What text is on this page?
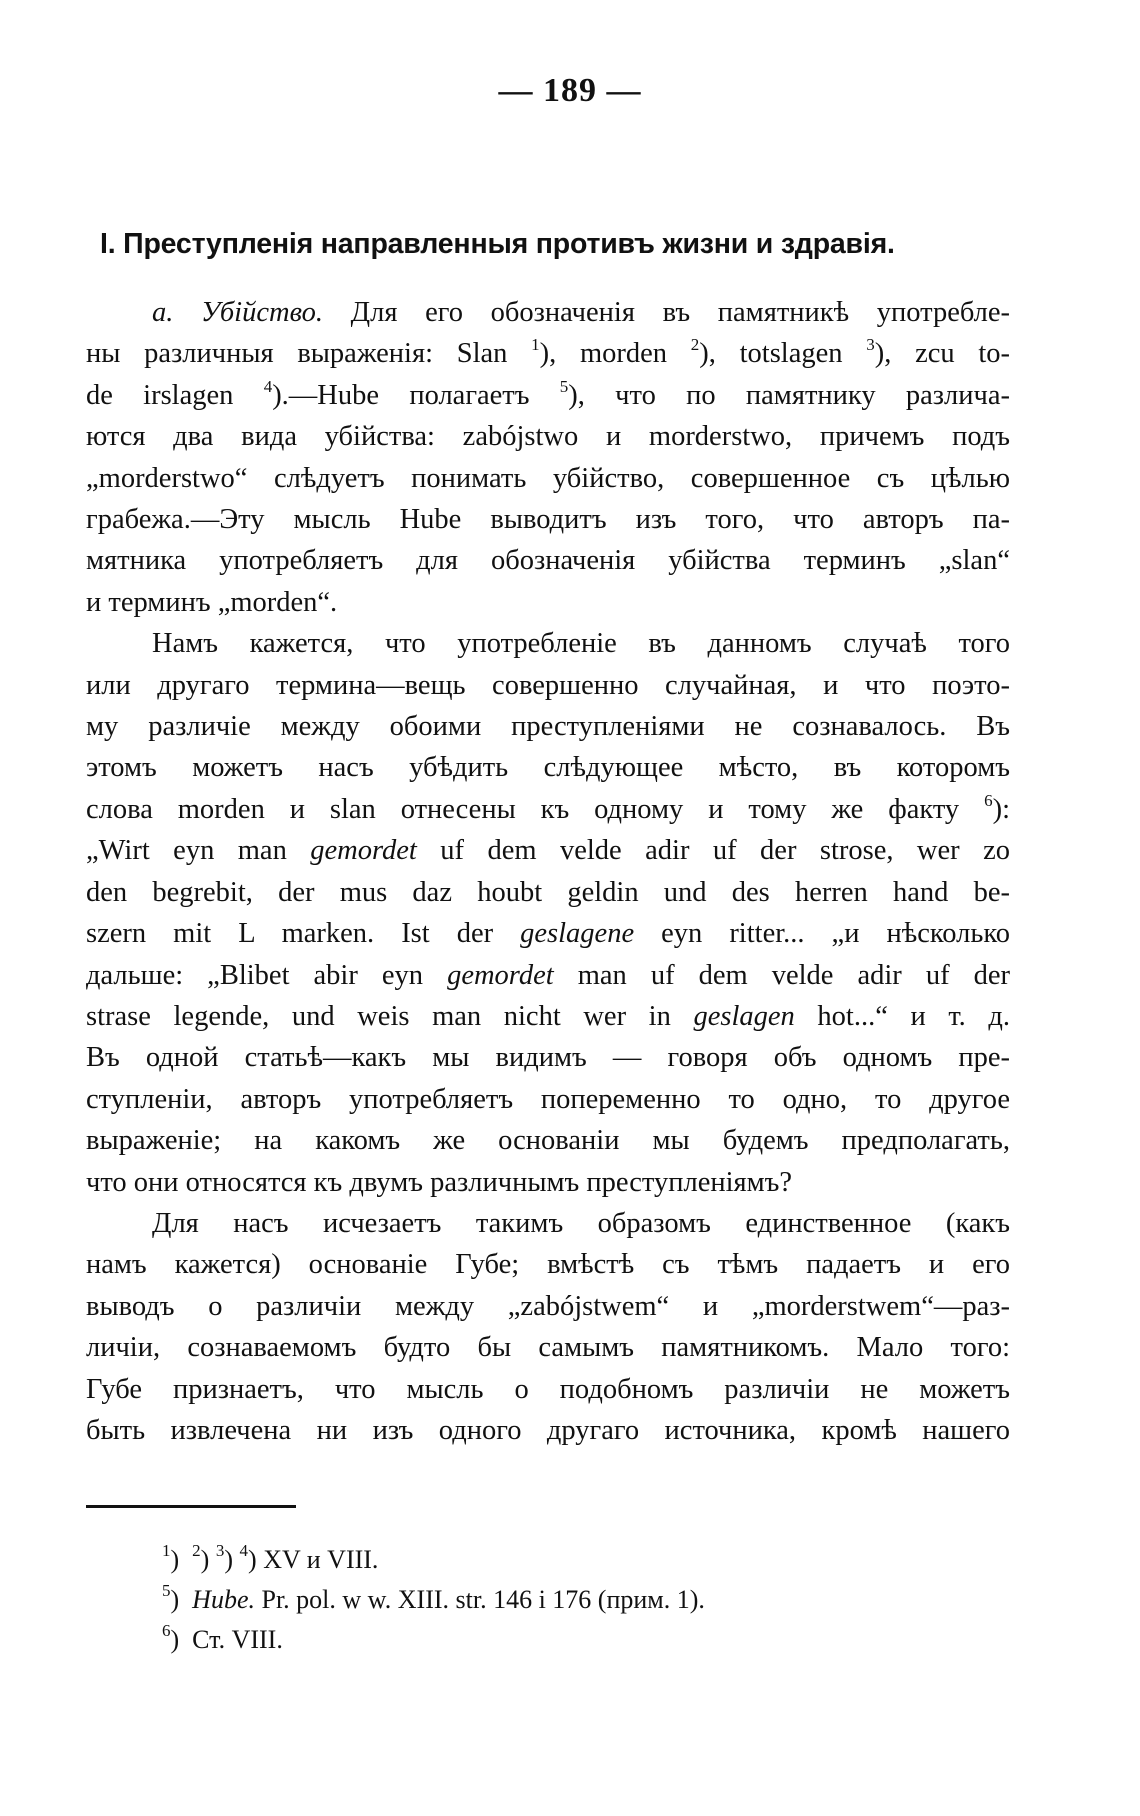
— 189 —
I. Преступленія направленныя противъ жизни и здравія.
a. Убійство. Для его обозначенія въ памятникѣ употребле-
ны различныя выраженія: Slan $^1$), morden $^2$), totslagen $^3$), zcu to-
de irslagen $^4$).—Hube полагаетъ $^5$), что по памятнику различа-
ются два вида убійства: zabójstwo и morderstwo, причемъ подъ
„morderstwo“ слѣдуетъ понимать убійство, совершенное съ цѣлью
грабежа.—Эту мысль Hube выводитъ изъ того, что авторъ па-
мятника употребляетъ для обозначенія убійства терминъ „slan“
и терминъ „morden“.
Намъ кажется, что употребленіе въ данномъ случаѣ того
или другаго термина—вещь совершенно случайная, и что поэто-
му различіе между обоими преступленіями не сознавалось. Въ
этомъ можетъ насъ убѣдить слѣдующее мѣсто, въ которомъ
слова morden и slan отнесены къ одному и тому же факту $^6$):
„Wirt eyn man gemordet uf dem velde adir uf der strose, wer zo
den begrebit, der mus daz houbt geldin und des herren hand be-
szern mit L marken. Ist der geslagene eyn ritter... „и нѣсколько
дальше: „Blibet abir eyn gemordet man uf dem velde adir uf der
strase legende, und weis man nicht wer in geslagen hot...“ и т. д.
Въ одной статьѣ—какъ мы видимъ — говоря объ одномъ пре-
ступленіи, авторъ употребляетъ попеременно то одно, то другое
выраженіе; на какомъ же основаніи мы будемъ предполагать,
что они относятся къ двумъ различнымъ преступленіямъ?
Для насъ исчезаетъ такимъ образомъ единственное (какъ
намъ кажется) основаніе Губе; вмѣстѣ съ тѣмъ падаетъ и его
выводъ о различіи между „zabójstwem“ и „morderstwem“—раз-
личіи, сознаваемомъ будто бы самымъ памятникомъ. Мало того:
Губе признаетъ, что мысль о подобномъ различіи не можетъ
быть извлечена ни изъ одного другаго источника, кромѣ нашего
$^1$)  $^2$) $^3$) $^4$) XV и VIII.
$^5$)  Hube. Pr. pol. w w. XIII. str. 146 i 176 (прим. 1).
$^6$)  Ст. VIII.
